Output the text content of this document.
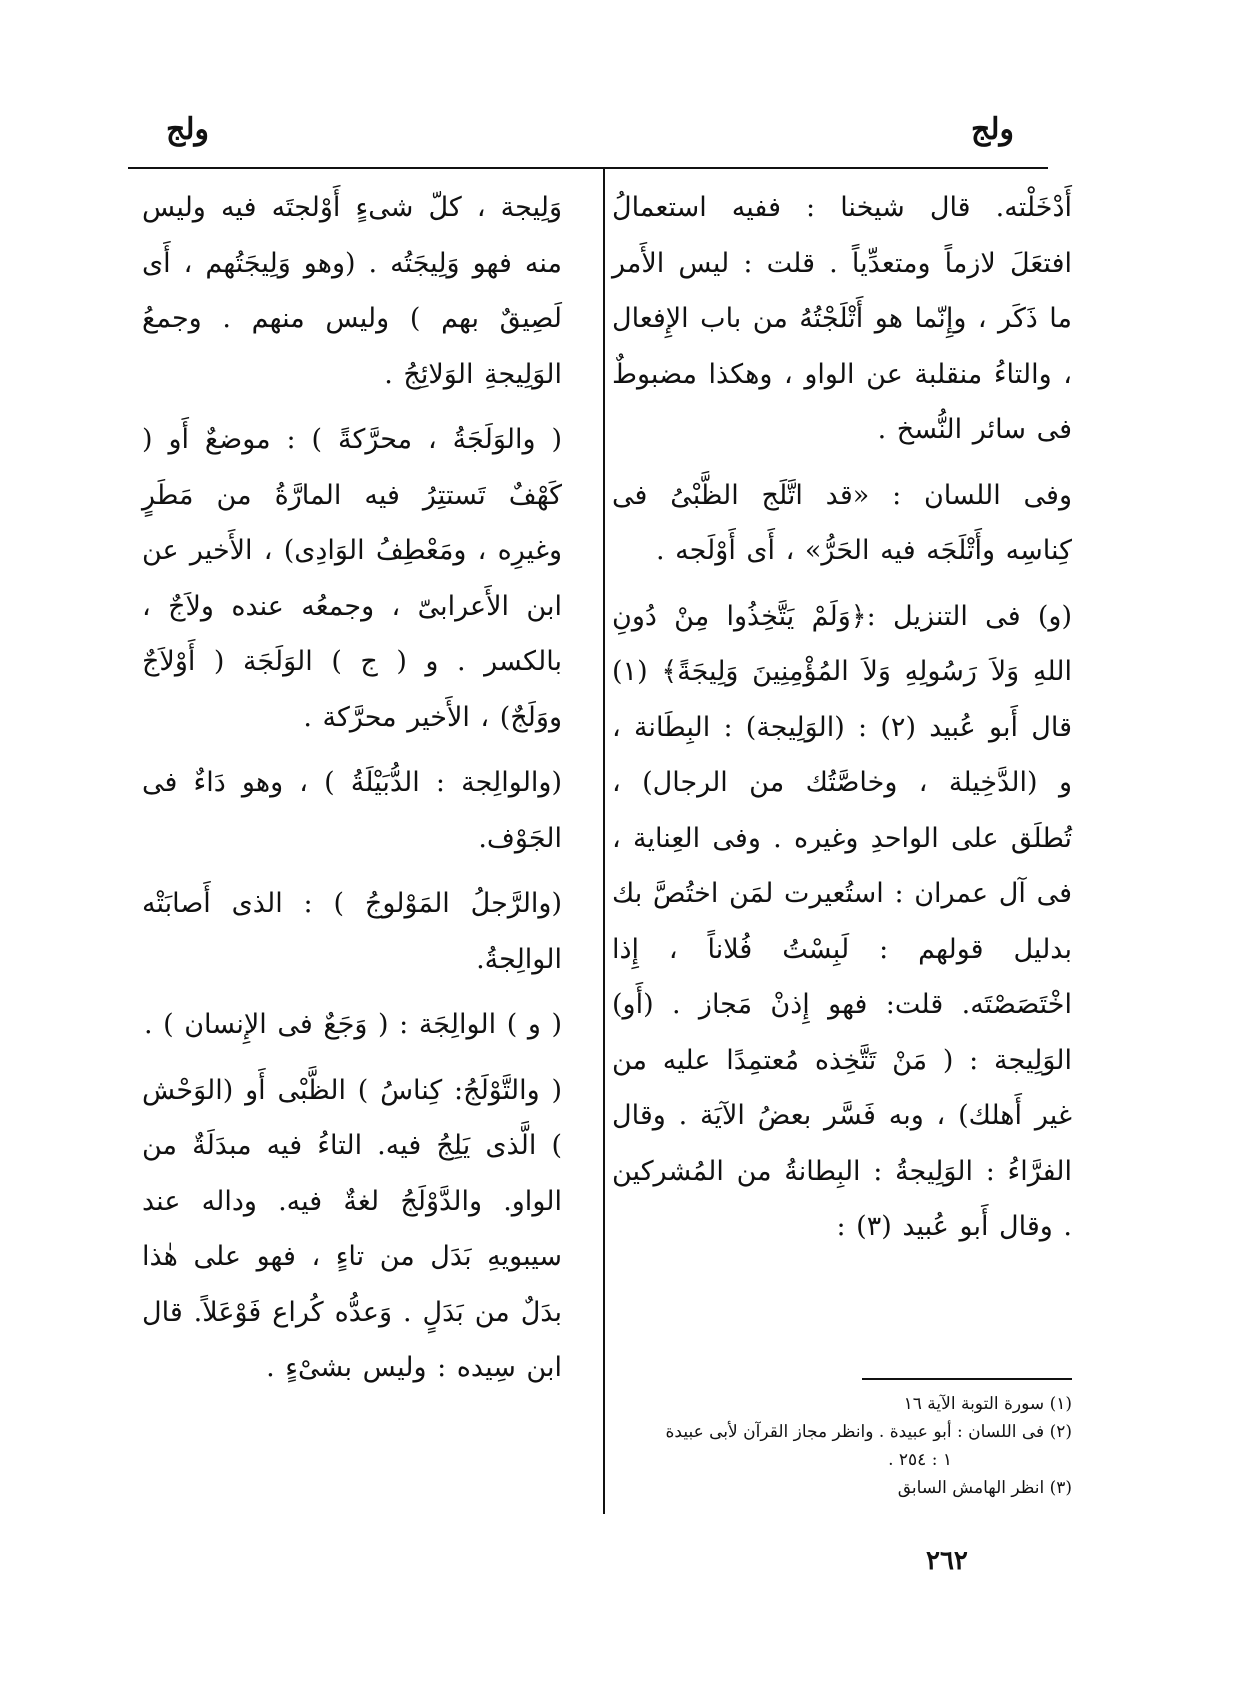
ولج
ولج

أَدْخَلْته. قال شيخنا : ففيه استعمالُ افتعَلَ لازماً ومتعدِّياً . قلت : ليس الأَمر ما ذَكَر ، وإِنّما هو أَتْلَجْتُهُ من باب الإِفعال ، والتاءُ منقلبة عن الواو ، وهكذا مضبوطٌ فى سائر النُّسخ .

وفى اللسان : «قد اتَّلَج الظَّبْىُ فى كِناسِه وأَتْلَجَه فيه الحَرُّ» ، أَى أَوْلَجه .

(و) فى التنزيل :﴿وَلَمْ يَتَّخِذُوا مِنْ دُونِ اللهِ وَلاَ رَسُولِهِ وَلاَ المُؤْمِنِينَ وَلِيجَةً﴾ (١) قال أَبو عُبيد (٢) : (الوَلِيجة) : البِطَانة ، و (الدَّخِيلة ، وخاصَّتُك من الرجال) ، تُطلَق على الواحدِ وغيره . وفى العِناية ، فى آل عمران : استُعيرت لمَن اختُصَّ بك بدليل قولهم : لَبِسْتُ فُلاناً ، إِذا اخْتَصَصْتَه. قلت: فهو إِذنْ مَجاز . (أَو) الوَلِيجة : ( مَنْ تَتَّخِذه مُعتمِدًا عليه من غير أَهلك) ، وبه فَسَّر بعضُ الآيَة . وقال الفرَّاءُ : الوَلِيجةُ : البِطانةُ من المُشركين . وقال أَبو عُبيد (٣) :

وَلِيجة ، كلّ شىءٍ أَوْلجتَه فيه وليس منه فهو وَلِيجَتُه . (وهو وَلِيجَتُهم ، أَى لَصِيقٌ بهم ) وليس منهم . وجمعُ الوَلِيجةِ الوَلائِجُ .

( والوَلَجَةُ ، محرَّكةً ) : موضعٌ أَو ( كَهْفٌ تَستتِرُ فيه المارَّةُ من مَطَرٍ وغيرِه ، ومَعْطِفُ الوَادِى) ، الأَخير عن ابن الأَعرابىّ ، وجمعُه عنده ولاَجٌ ، بالكسر . و ( ج ) الوَلَجَة ( أَوْلاَجٌ ووَلَجٌ) ، الأَخير محرَّكة .

(والوالِجة : الدُّبَيْلَةُ ) ، وهو دَاءٌ فى الجَوْف.

(والرَّجلُ المَوْلوجُ ) : الذى أَصابَتْه الوالِجةُ.

( و ) الوالِجَة : ( وَجَعٌ فى الإِنسان ) .

( والتَّوْلَجُ: كِناسُ ) الظَّبْى أَو (الوَحْش ) الَّذى يَلِجُ فيه. التاءُ فيه مبدَلَةٌ من الواو. والدَّوْلَجُ لغةٌ فيه. وداله عند سيبويهِ بَدَل من تاءٍ ، فهو على هٰذا بدَلٌ من بَدَلٍ . وَعدُّه كُراع فَوْعَلاً. قال ابن سِيده : وليس بشىْءٍ .

(١) سورة التوبة الآية ١٦
(٢) فى اللسان : أبو عبيدة . وانظر مجاز القرآن لأبى عبيدة
١ : ٢٥٤ .
(٣) انظر الهامش السابق
٢٦٢
